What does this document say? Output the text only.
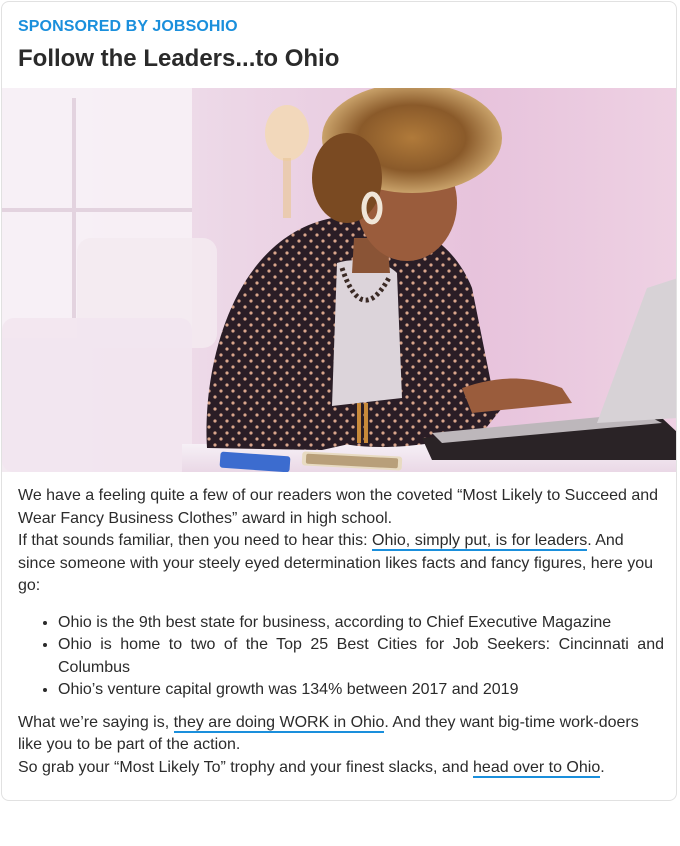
SPONSORED BY JOBSOHIO
Follow the Leaders...to Ohio

We have a feeling quite a few of our readers won the coveted “Most Likely to Succeed and Wear Fancy Business Clothes” award in high school.

If that sounds familiar, then you need to hear this: Ohio, simply put, is for leaders. And since someone with your steely eyed determination likes facts and fancy figures, here you go:

• Ohio is the 9th best state for business, according to Chief Executive Magazine
• Ohio is home to two of the Top 25 Best Cities for Job Seekers: Cincinnati and Columbus
• Ohio’s venture capital growth was 134% between 2017 and 2019

What we’re saying is, they are doing WORK in Ohio. And they want big-time work-doers like you to be part of the action.

So grab your “Most Likely To” trophy and your finest slacks, and head over to Ohio.
